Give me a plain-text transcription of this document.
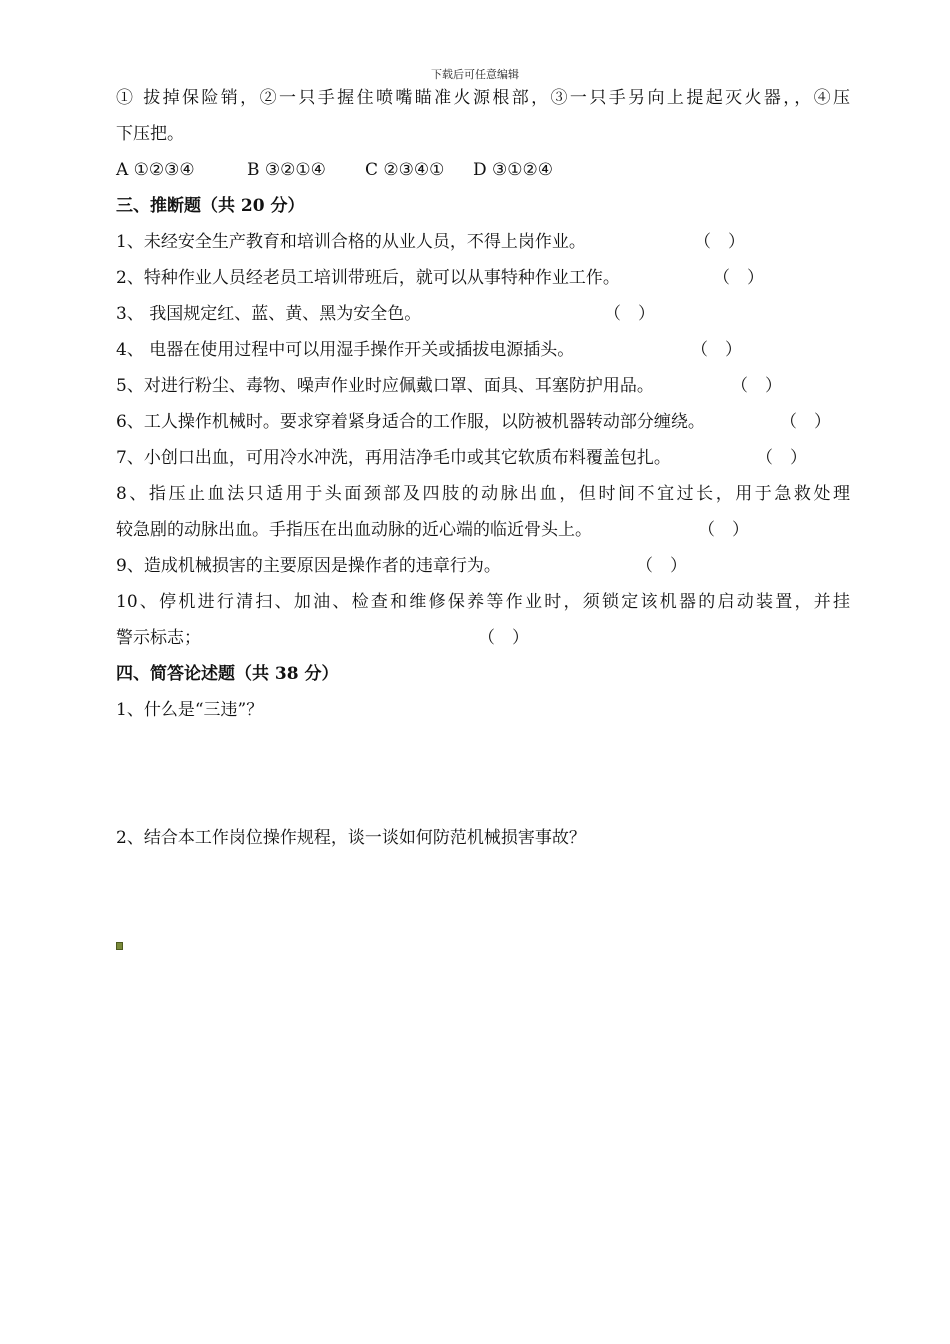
下载后可任意编辑
① 拔掉保险销，②一只手握住喷嘴瞄准火源根部，③一只手另向上提起灭火器，，④压
下压把。
A ①②③④	B ③②①④ C ②③④① D ③①②④
三、推断题（共 20 分）
1、未经安全生产教育和培训合格的从业人员，不得上岗作业。	（　）
2、特种作业人员经老员工培训带班后，就可以从事特种作业工作。	（　）
3、 我国规定红、蓝、黄、黑为安全色。	（　）
4、 电器在使用过程中可以用湿手操作开关或插拔电源插头。	（　）
5、对进行粉尘、毒物、噪声作业时应佩戴口罩、面具、耳塞防护用品。	（　）
6、工人操作机械时。要求穿着紧身适合的工作服，以防被机器转动部分缠绕。	（　）
7、小创口出血，可用冷水冲洗，再用洁净毛巾或其它软质布料覆盖包扎。	（　）
8、指压止血法只适用于头面颈部及四肢的动脉出血，但时间不宜过长，用于急救处理
较急剧的动脉出血。手指压在出血动脉的近心端的临近骨头上。	（　）
9、造成机械损害的主要原因是操作者的违章行为。	（　）
10、停机进行清扫、加油、检查和维修保养等作业时，须锁定该机器的启动装置，并挂
警示标志；	（　）
四、简答论述题（共 38 分）
1、什么是“三违”？
2、结合本工作岗位操作规程，谈一谈如何防范机械损害事故？
